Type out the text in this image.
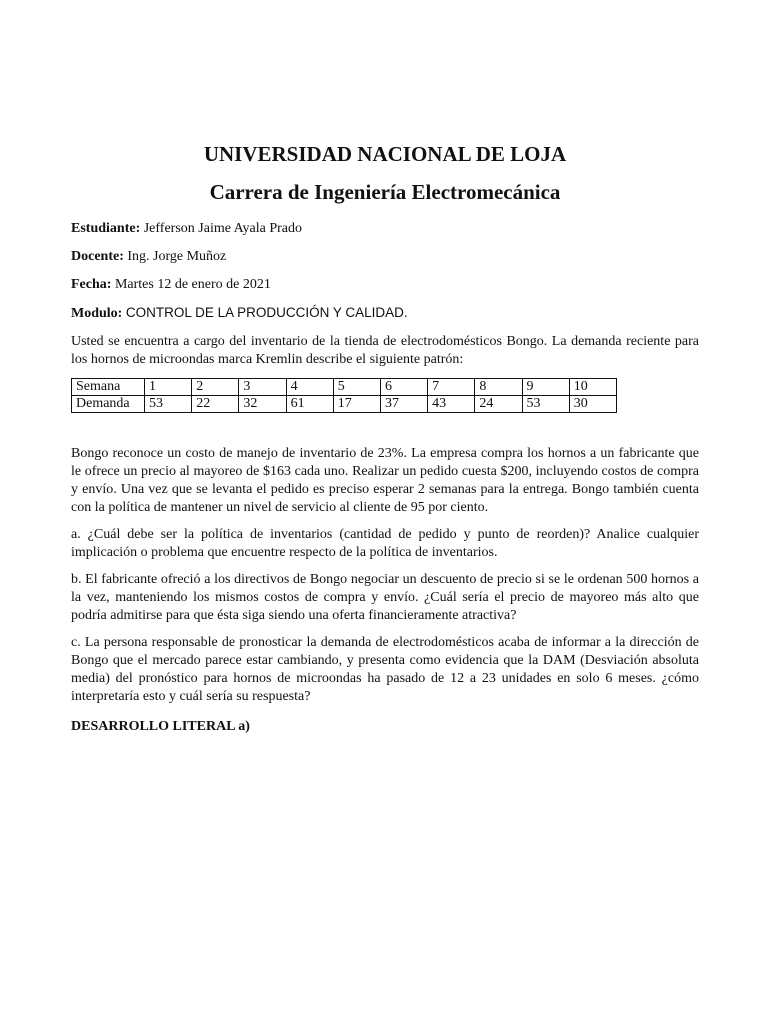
UNIVERSIDAD NACIONAL DE LOJA
Carrera de Ingeniería Electromecánica
Estudiante: Jefferson Jaime Ayala Prado
Docente: Ing. Jorge Muñoz
Fecha: Martes 12 de enero de 2021
Modulo: CONTROL DE LA PRODUCCIÓN Y CALIDAD.

Usted se encuentra a cargo del inventario de la tienda de electrodomésticos Bongo. La demanda reciente para los hornos de microondas marca Kremlin describe el siguiente patrón:

Semana	1	2	3	4	5	6	7	8	9	10
Demanda	53	22	32	61	17	37	43	24	53	30

Bongo reconoce un costo de manejo de inventario de 23%. La empresa compra los hornos a un fabricante que le ofrece un precio al mayoreo de $163 cada uno. Realizar un pedido cuesta $200, incluyendo costos de compra y envío. Una vez que se levanta el pedido es preciso esperar 2 semanas para la entrega. Bongo también cuenta con la política de mantener un nivel de servicio al cliente de 95 por ciento.

a. ¿Cuál debe ser la política de inventarios (cantidad de pedido y punto de reorden)? Analice cualquier implicación o problema que encuentre respecto de la política de inventarios.

b. El fabricante ofreció a los directivos de Bongo negociar un descuento de precio si se le ordenan 500 hornos a la vez, manteniendo los mismos costos de compra y envío. ¿Cuál sería el precio de mayoreo más alto que podría admitirse para que ésta siga siendo una oferta financieramente atractiva?

c. La persona responsable de pronosticar la demanda de electrodomésticos acaba de informar a la dirección de Bongo que el mercado parece estar cambiando, y presenta como evidencia que la DAM (Desviación absoluta media) del pronóstico para hornos de microondas ha pasado de 12 a 23 unidades en solo 6 meses. ¿cómo interpretaría esto y cuál sería su respuesta?

DESARROLLO LITERAL a)
